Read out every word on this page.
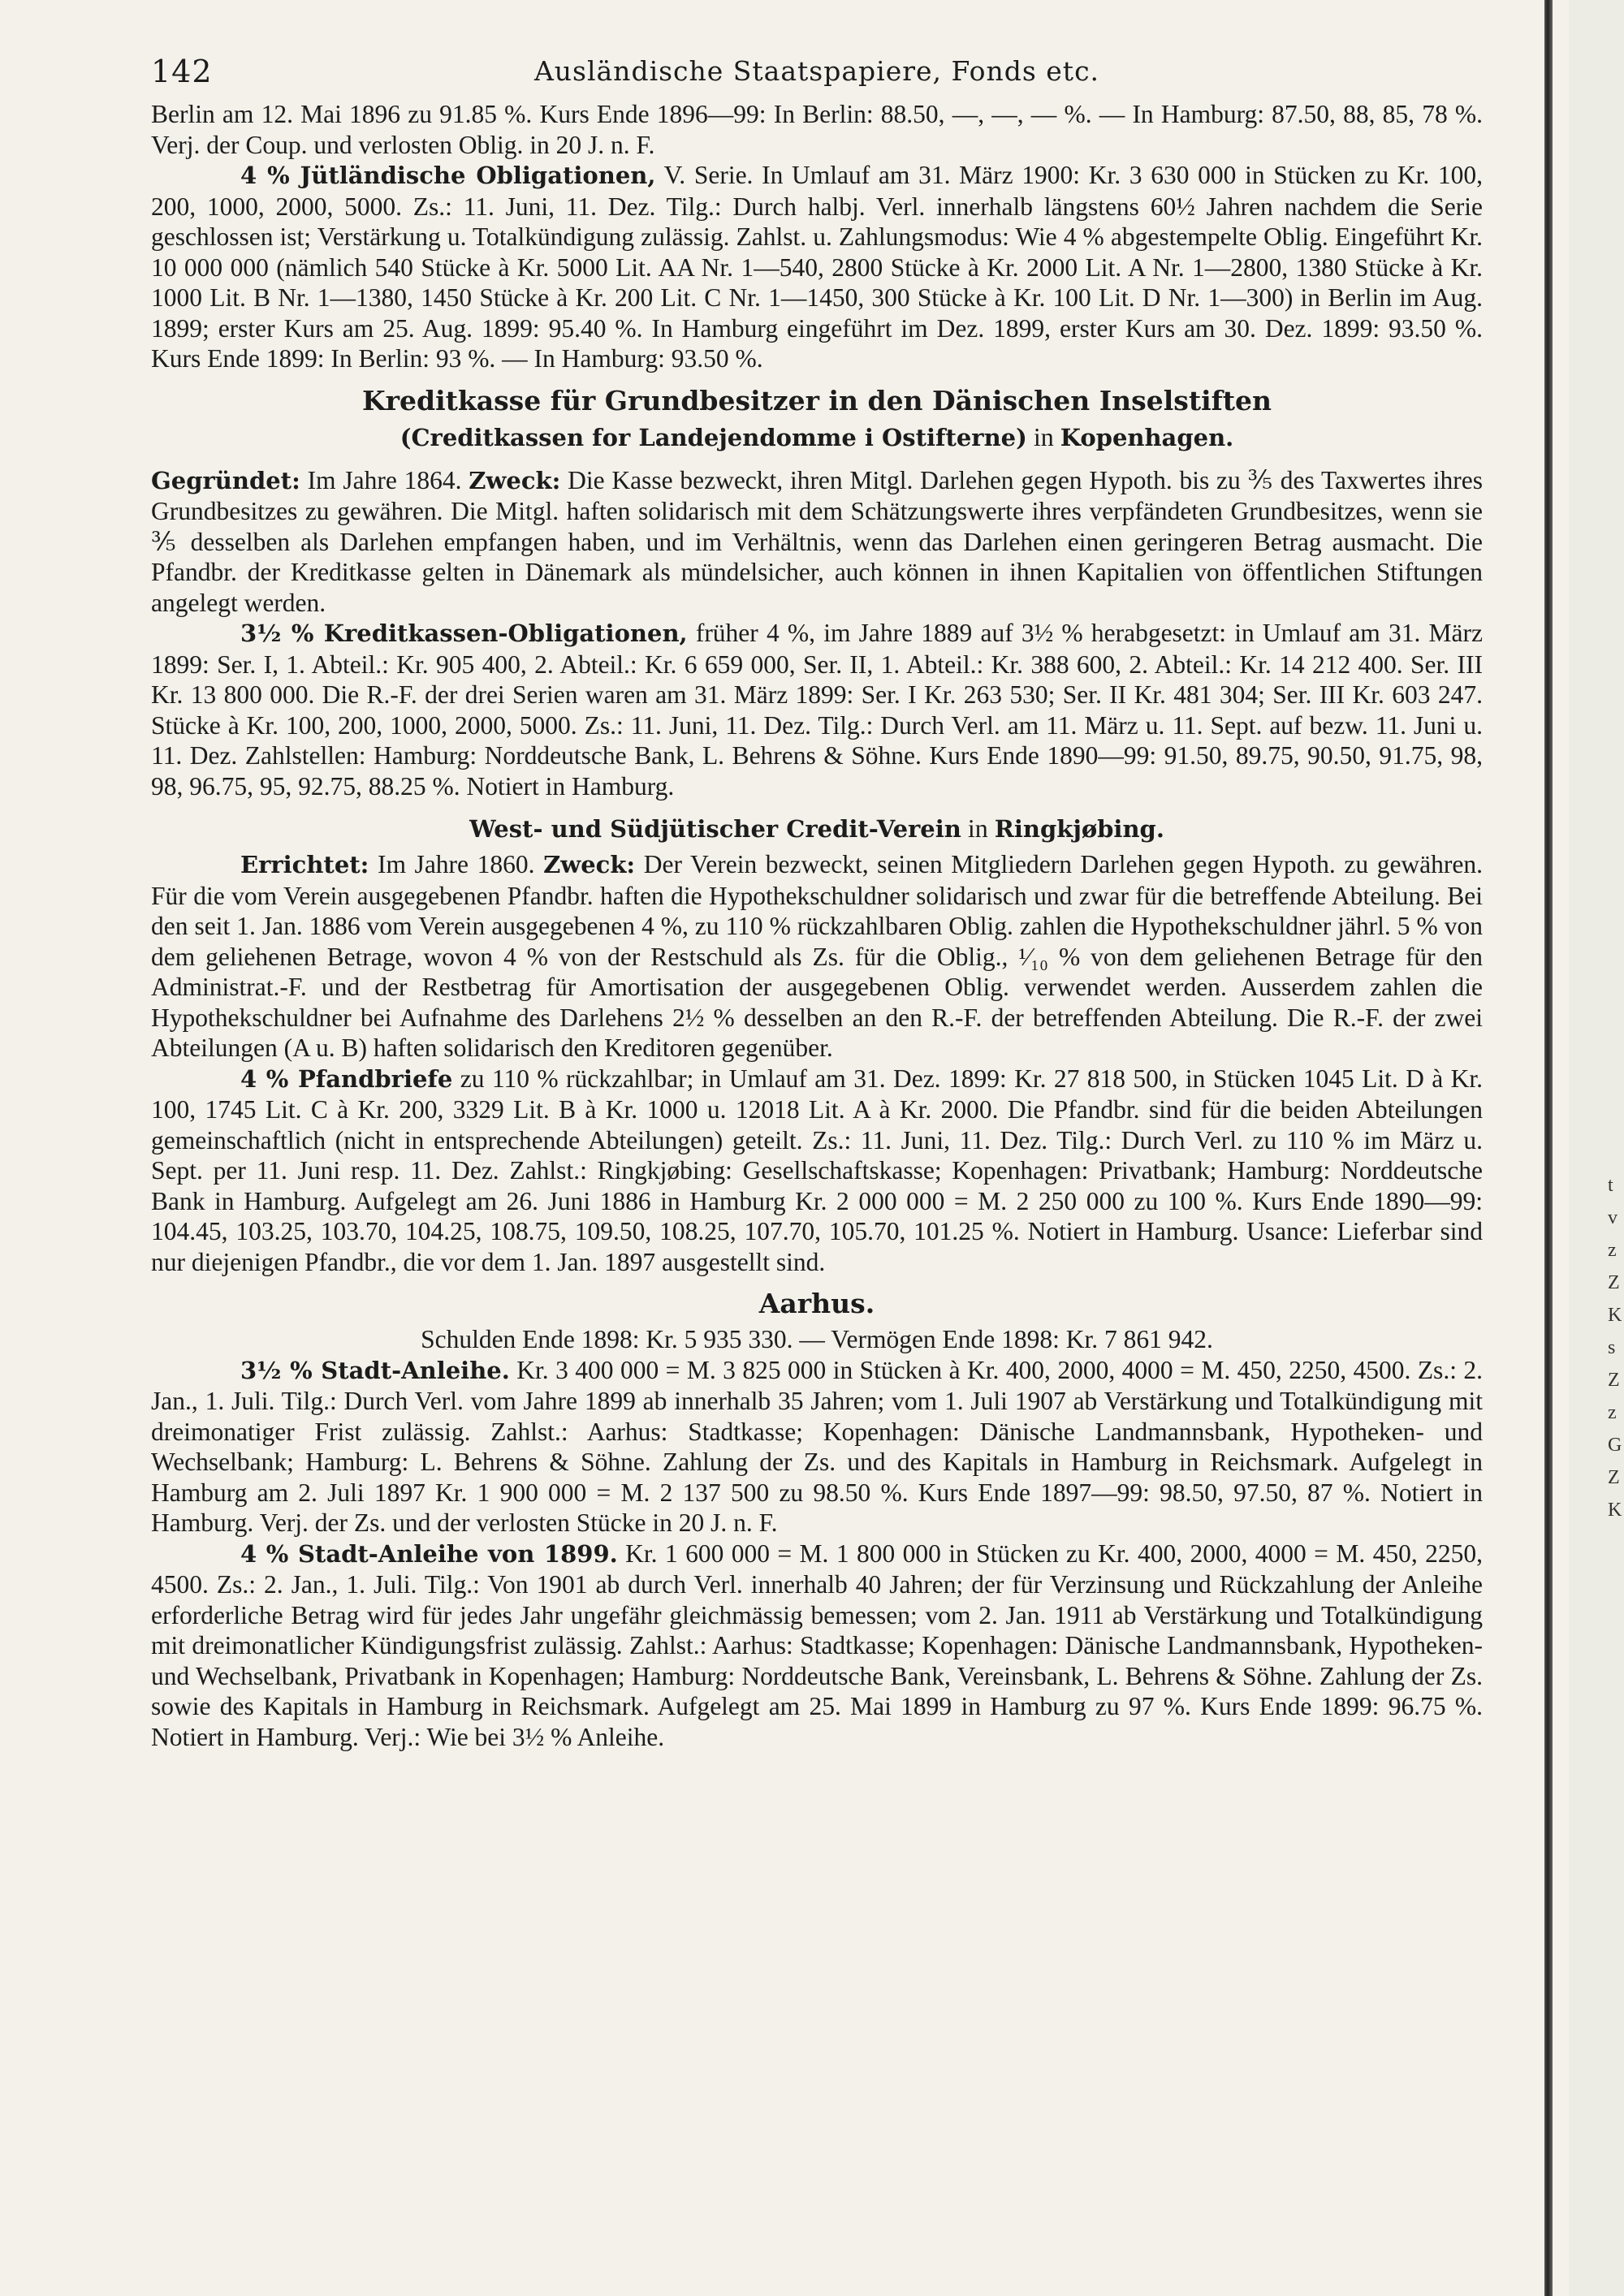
t
v
z
Z
K
s
Z
z
G
Z
K
142	Ausländische Staatspapiere, Fonds etc.

Berlin am 12. Mai 1896 zu 91.85 %. Kurs Ende 1896—99: In Berlin: 88.50, —, —, — %. — In Hamburg: 87.50, 88, 85, 78 %. Verj. der Coup. und verlosten Oblig. in 20 J. n. F.

4 % Jütländische Obligationen, V. Serie. In Umlauf am 31. März 1900: Kr. 3 630 000 in Stücken zu Kr. 100, 200, 1000, 2000, 5000. Zs.: 11. Juni, 11. Dez. Tilg.: Durch halbj. Verl. innerhalb längstens 60½ Jahren nachdem die Serie geschlossen ist; Verstärkung u. Totalkündigung zulässig. Zahlst. u. Zahlungsmodus: Wie 4 % abgestempelte Oblig. Eingeführt Kr. 10 000 000 (nämlich 540 Stücke à Kr. 5000 Lit. AA Nr. 1—540, 2800 Stücke à Kr. 2000 Lit. A Nr. 1—2800, 1380 Stücke à Kr. 1000 Lit. B Nr. 1—1380, 1450 Stücke à Kr. 200 Lit. C Nr. 1—1450, 300 Stücke à Kr. 100 Lit. D Nr. 1—300) in Berlin im Aug. 1899; erster Kurs am 25. Aug. 1899: 95.40 %. In Hamburg eingeführt im Dez. 1899, erster Kurs am 30. Dez. 1899: 93.50 %. Kurs Ende 1899: In Berlin: 93 %. — In Hamburg: 93.50 %.

Kreditkasse für Grundbesitzer in den Dänischen Inselstiften
(Creditkassen for Landejendomme i Ostifterne) in Kopenhagen.

Gegründet: Im Jahre 1864. Zweck: Die Kasse bezweckt, ihren Mitgl. Darlehen gegen Hypoth. bis zu ⅗ des Taxwertes ihres Grundbesitzes zu gewähren. Die Mitgl. haften solidarisch mit dem Schätzungswerte ihres verpfändeten Grundbesitzes, wenn sie ⅗ desselben als Darlehen empfangen haben, und im Verhältnis, wenn das Darlehen einen geringeren Betrag ausmacht. Die Pfandbr. der Kreditkasse gelten in Dänemark als mündelsicher, auch können in ihnen Kapitalien von öffentlichen Stiftungen angelegt werden.

3½ % Kreditkassen-Obligationen, früher 4 %, im Jahre 1889 auf 3½ % herabgesetzt: in Umlauf am 31. März 1899: Ser. I, 1. Abteil.: Kr. 905 400, 2. Abteil.: Kr. 6 659 000, Ser. II, 1. Abteil.: Kr. 388 600, 2. Abteil.: Kr. 14 212 400. Ser. III Kr. 13 800 000. Die R.-F. der drei Serien waren am 31. März 1899: Ser. I Kr. 263 530; Ser. II Kr. 481 304; Ser. III Kr. 603 247. Stücke à Kr. 100, 200, 1000, 2000, 5000. Zs.: 11. Juni, 11. Dez. Tilg.: Durch Verl. am 11. März u. 11. Sept. auf bezw. 11. Juni u. 11. Dez. Zahlstellen: Hamburg: Norddeutsche Bank, L. Behrens & Söhne. Kurs Ende 1890—99: 91.50, 89.75, 90.50, 91.75, 98, 98, 96.75, 95, 92.75, 88.25 %. Notiert in Hamburg.

West- und Südjütischer Credit-Verein in Ringkjøbing.

Errichtet: Im Jahre 1860. Zweck: Der Verein bezweckt, seinen Mitgliedern Darlehen gegen Hypoth. zu gewähren. Für die vom Verein ausgegebenen Pfandbr. haften die Hypothekschuldner solidarisch und zwar für die betreffende Abteilung. Bei den seit 1. Jan. 1886 vom Verein ausgegebenen 4 %, zu 110 % rückzahlbaren Oblig. zahlen die Hypothekschuldner jährl. 5 % von dem geliehenen Betrage, wovon 4 % von der Restschuld als Zs. für die Oblig., ¹⁄₁₀ % von dem geliehenen Betrage für den Administrat.-F. und der Restbetrag für Amortisation der ausgegebenen Oblig. verwendet werden. Ausserdem zahlen die Hypothekschuldner bei Aufnahme des Darlehens 2½ % desselben an den R.-F. der betreffenden Abteilung. Die R.-F. der zwei Abteilungen (A u. B) haften solidarisch den Kreditoren gegenüber.

4 % Pfandbriefe zu 110 % rückzahlbar; in Umlauf am 31. Dez. 1899: Kr. 27 818 500, in Stücken 1045 Lit. D à Kr. 100, 1745 Lit. C à Kr. 200, 3329 Lit. B à Kr. 1000 u. 12018 Lit. A à Kr. 2000. Die Pfandbr. sind für die beiden Abteilungen gemeinschaftlich (nicht in entsprechende Abteilungen) geteilt. Zs.: 11. Juni, 11. Dez. Tilg.: Durch Verl. zu 110 % im März u. Sept. per 11. Juni resp. 11. Dez. Zahlst.: Ringkjøbing: Gesellschaftskasse; Kopenhagen: Privatbank; Hamburg: Norddeutsche Bank in Hamburg. Aufgelegt am 26. Juni 1886 in Hamburg Kr. 2 000 000 = M. 2 250 000 zu 100 %. Kurs Ende 1890—99: 104.45, 103.25, 103.70, 104.25, 108.75, 109.50, 108.25, 107.70, 105.70, 101.25 %. Notiert in Hamburg. Usance: Lieferbar sind nur diejenigen Pfandbr., die vor dem 1. Jan. 1897 ausgestellt sind.

Aarhus.

Schulden Ende 1898: Kr. 5 935 330. — Vermögen Ende 1898: Kr. 7 861 942.

3½ % Stadt-Anleihe. Kr. 3 400 000 = M. 3 825 000 in Stücken à Kr. 400, 2000, 4000 = M. 450, 2250, 4500. Zs.: 2. Jan., 1. Juli. Tilg.: Durch Verl. vom Jahre 1899 ab innerhalb 35 Jahren; vom 1. Juli 1907 ab Verstärkung und Totalkündigung mit dreimonatiger Frist zulässig. Zahlst.: Aarhus: Stadtkasse; Kopenhagen: Dänische Landmannsbank, Hypotheken- und Wechselbank; Hamburg: L. Behrens & Söhne. Zahlung der Zs. und des Kapitals in Hamburg in Reichsmark. Aufgelegt in Hamburg am 2. Juli 1897 Kr. 1 900 000 = M. 2 137 500 zu 98.50 %. Kurs Ende 1897—99: 98.50, 97.50, 87 %. Notiert in Hamburg. Verj. der Zs. und der verlosten Stücke in 20 J. n. F.

4 % Stadt-Anleihe von 1899. Kr. 1 600 000 = M. 1 800 000 in Stücken zu Kr. 400, 2000, 4000 = M. 450, 2250, 4500. Zs.: 2. Jan., 1. Juli. Tilg.: Von 1901 ab durch Verl. innerhalb 40 Jahren; der für Verzinsung und Rückzahlung der Anleihe erforderliche Betrag wird für jedes Jahr ungefähr gleichmässig bemessen; vom 2. Jan. 1911 ab Verstärkung und Totalkündigung mit dreimonatlicher Kündigungsfrist zulässig. Zahlst.: Aarhus: Stadtkasse; Kopenhagen: Dänische Landmannsbank, Hypotheken- und Wechselbank, Privatbank in Kopenhagen; Hamburg: Norddeutsche Bank, Vereinsbank, L. Behrens & Söhne. Zahlung der Zs. sowie des Kapitals in Hamburg in Reichsmark. Aufgelegt am 25. Mai 1899 in Hamburg zu 97 %. Kurs Ende 1899: 96.75 %. Notiert in Hamburg. Verj.: Wie bei 3½ % Anleihe.
